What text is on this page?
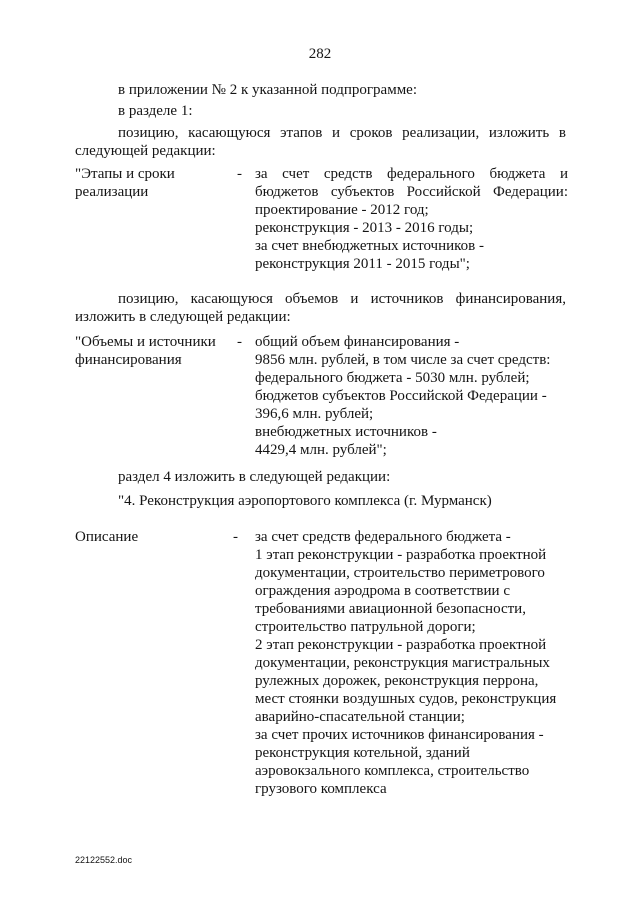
282
в приложении № 2 к указанной подпрограмме:
в разделе 1:
позицию, касающуюся этапов и сроков реализации, изложить в
следующей редакции:
"Этапы и сроки
реализации
- за счет средств федерального бюджета и
бюджетов субъектов Российской Федерации:
проектирование - 2012 год;
реконструкция - 2013 - 2016 годы;
за счет внебюджетных источников -
реконструкция 2011 - 2015 годы";
позицию, касающуюся объемов и источников финансирования,
изложить в следующей редакции:
"Объемы и источники
финансирования
- общий объем финансирования -
9856 млн. рублей, в том числе за счет средств:
федерального бюджета - 5030 млн. рублей;
бюджетов субъектов Российской Федерации -
396,6 млн. рублей;
внебюджетных источников -
4429,4 млн. рублей";
раздел 4 изложить в следующей редакции:
"4. Реконструкция аэропортового комплекса (г. Мурманск)
Описание	- за счет средств федерального бюджета -
1 этап реконструкции - разработка проектной
документации, строительство периметрового
ограждения аэродрома в соответствии с
требованиями авиационной безопасности,
строительство патрульной дороги;
2 этап реконструкции - разработка проектной
документации, реконструкция магистральных
рулежных дорожек, реконструкция перрона,
мест стоянки воздушных судов, реконструкция
аварийно-спасательной станции;
за счет прочих источников финансирования -
реконструкция котельной, зданий
аэровокзального комплекса, строительство
грузового комплекса
22122552.doc
